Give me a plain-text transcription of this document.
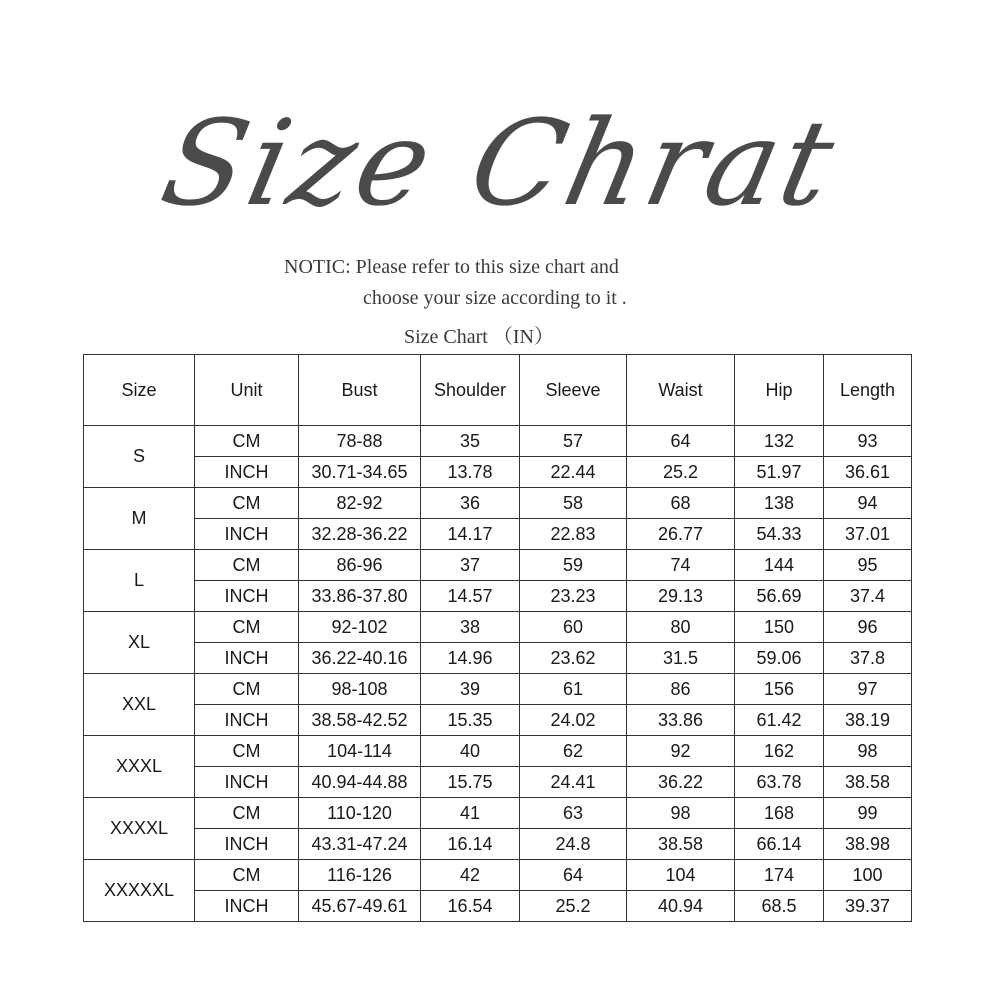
Size Chrat
NOTIC: Please refer to this size chart and
choose your size according to it .
Size Chart （IN）
Size	Unit	Bust	Shoulder	Sleeve	Waist	Hip	Length
S	CM	78-88	35	57	64	132	93
	INCH	30.71-34.65	13.78	22.44	25.2	51.97	36.61
M	CM	82-92	36	58	68	138	94
	INCH	32.28-36.22	14.17	22.83	26.77	54.33	37.01
L	CM	86-96	37	59	74	144	95
	INCH	33.86-37.80	14.57	23.23	29.13	56.69	37.4
XL	CM	92-102	38	60	80	150	96
	INCH	36.22-40.16	14.96	23.62	31.5	59.06	37.8
XXL	CM	98-108	39	61	86	156	97
	INCH	38.58-42.52	15.35	24.02	33.86	61.42	38.19
XXXL	CM	104-114	40	62	92	162	98
	INCH	40.94-44.88	15.75	24.41	36.22	63.78	38.58
XXXXL	CM	110-120	41	63	98	168	99
	INCH	43.31-47.24	16.14	24.8	38.58	66.14	38.98
XXXXXL	CM	116-126	42	64	104	174	100
	INCH	45.67-49.61	16.54	25.2	40.94	68.5	39.37
